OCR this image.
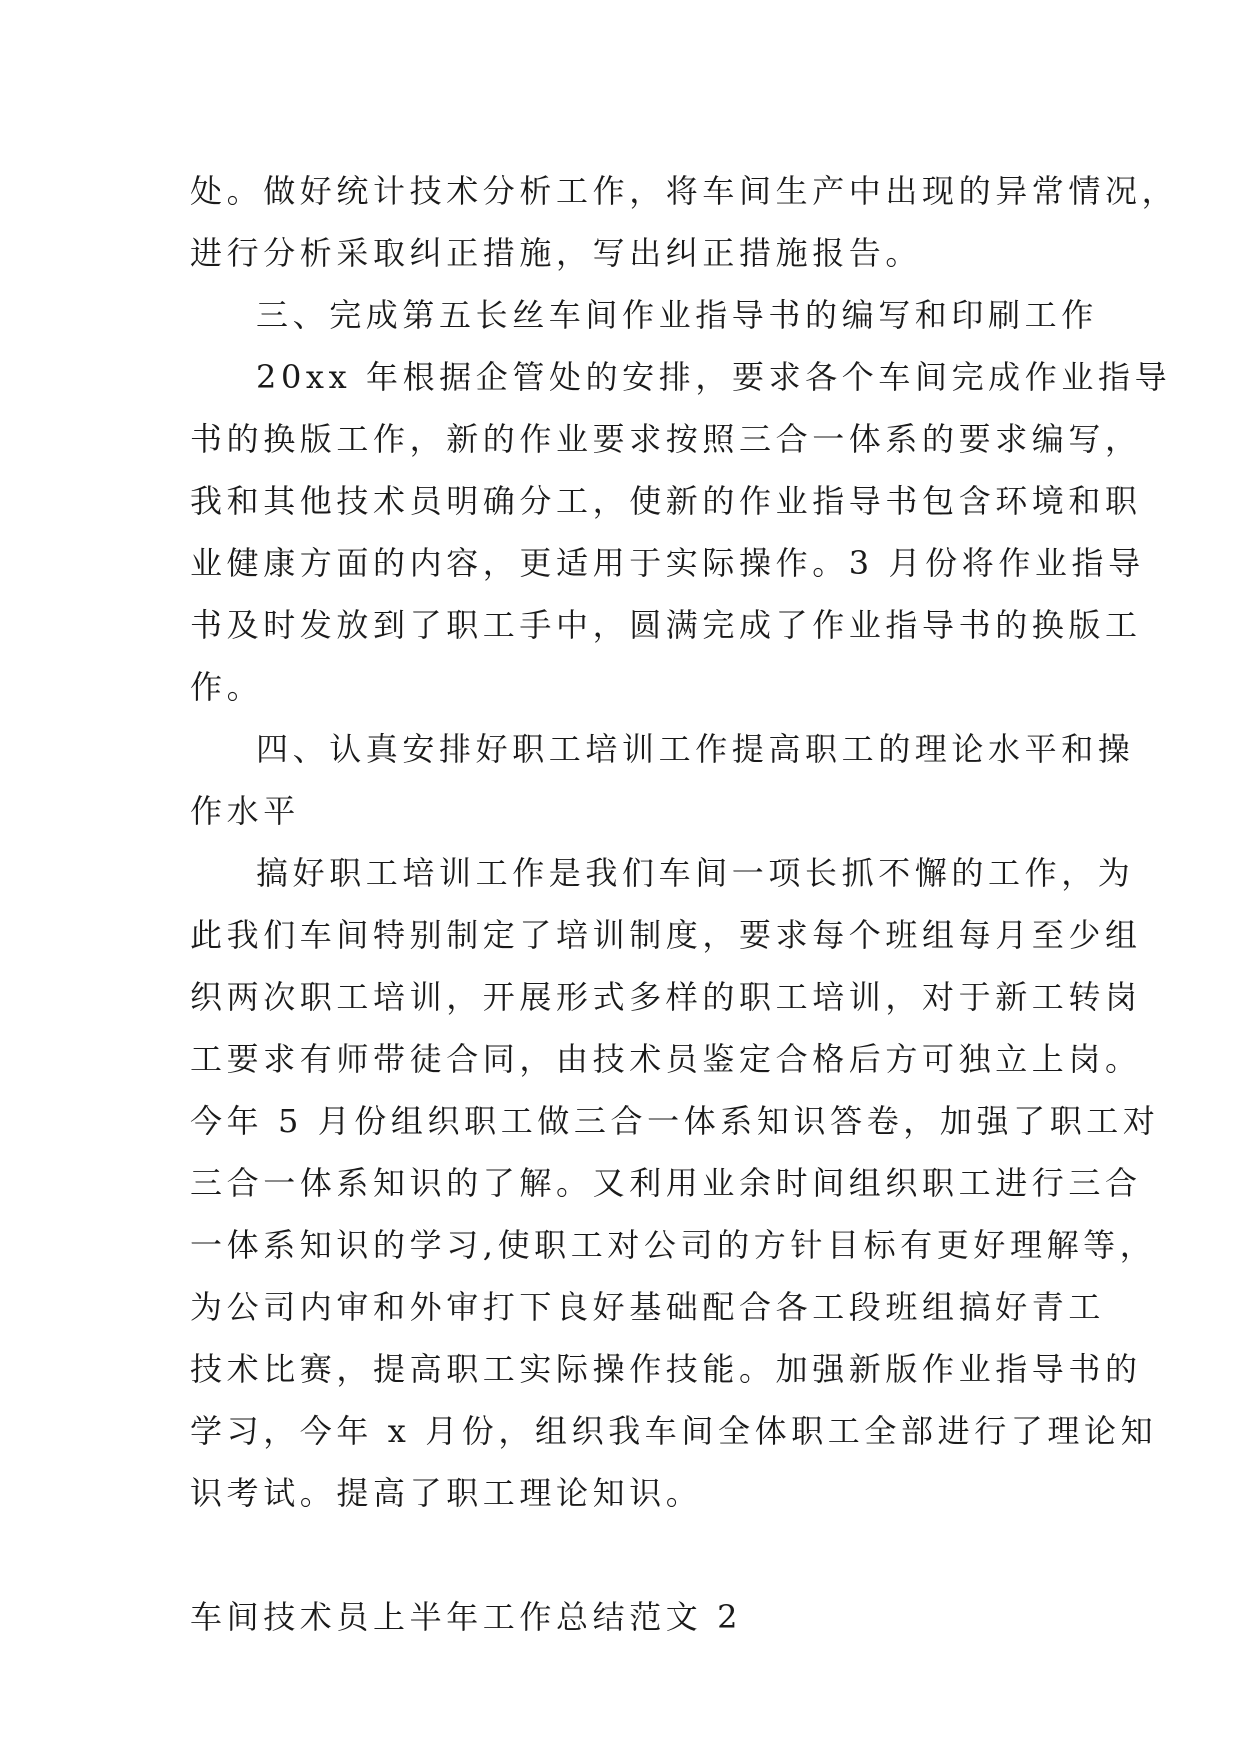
处。做好统计技术分析工作，将车间生产中出现的异常情况，
进行分析采取纠正措施，写出纠正措施报告。
三、完成第五长丝车间作业指导书的编写和印刷工作
20xx 年根据企管处的安排，要求各个车间完成作业指导
书的换版工作，新的作业要求按照三合一体系的要求编写，
我和其他技术员明确分工，使新的作业指导书包含环境和职
业健康方面的内容，更适用于实际操作。3 月份将作业指导
书及时发放到了职工手中，圆满完成了作业指导书的换版工
作。
四、认真安排好职工培训工作提高职工的理论水平和操
作水平
搞好职工培训工作是我们车间一项长抓不懈的工作，为
此我们车间特别制定了培训制度，要求每个班组每月至少组
织两次职工培训，开展形式多样的职工培训，对于新工转岗
工要求有师带徒合同，由技术员鉴定合格后方可独立上岗。
今年 5 月份组织职工做三合一体系知识答卷，加强了职工对
三合一体系知识的了解。又利用业余时间组织职工进行三合
一体系知识的学习,使职工对公司的方针目标有更好理解等，
为公司内审和外审打下良好基础配合各工段班组搞好青工
技术比赛，提高职工实际操作技能。加强新版作业指导书的
学习，今年 x 月份，组织我车间全体职工全部进行了理论知
识考试。提高了职工理论知识。
车间技术员上半年工作总结范文 2
